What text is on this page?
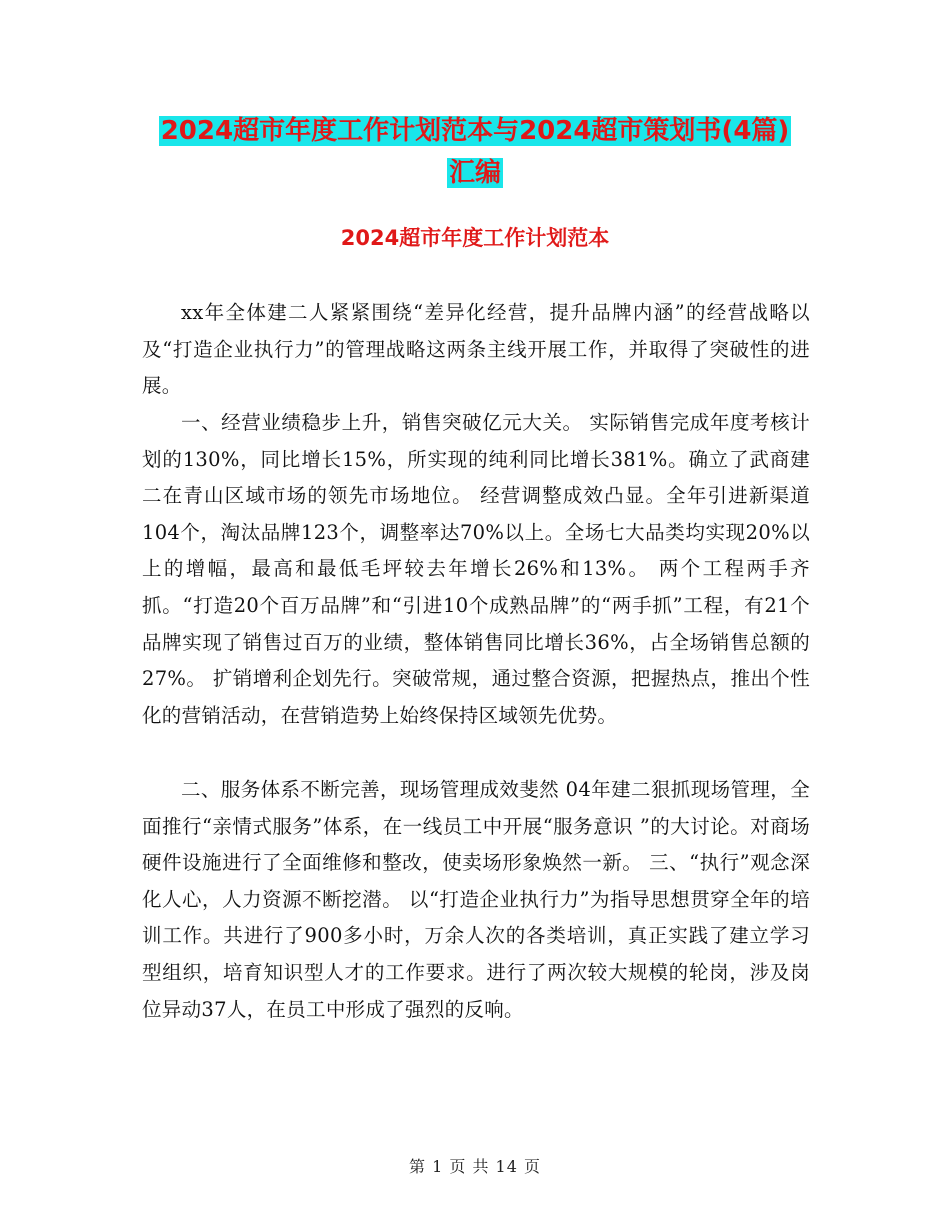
2024超市年度工作计划范本与2024超市策划书(4篇)
汇编
2024超市年度工作计划范本

xx年全体建二人紧紧围绕“差异化经营，提升品牌内涵”的经营战略以及“打造企业执行力”的管理战略这两条主线开展工作，并取得了突破性的进展。

一、经营业绩稳步上升，销售突破亿元大关。 实际销售完成年度考核计划的130%，同比增长15%，所实现的纯利同比增长381%。确立了武商建二在青山区域市场的领先市场地位。 经营调整成效凸显。全年引进新渠道104个，淘汰品牌123个，调整率达70%以上。全场七大品类均实现20%以上的增幅，最高和最低毛坪较去年增长26%和13%。 两个工程两手齐抓。“打造20个百万品牌”和“引进10个成熟品牌”的“两手抓”工程，有21个品牌实现了销售过百万的业绩，整体销售同比增长36%，占全场销售总额的27%。 扩销增利企划先行。突破常规，通过整合资源，把握热点，推出个性化的营销活动，在营销造势上始终保持区域领先优势。

二、服务体系不断完善，现场管理成效斐然 04年建二狠抓现场管理，全面推行“亲情式服务”体系，在一线员工中开展“服务意识 ”的大讨论。对商场硬件设施进行了全面维修和整改，使卖场形象焕然一新。 三、“执行”观念深化人心，人力资源不断挖潜。 以“打造企业执行力”为指导思想贯穿全年的培训工作。共进行了900多小时，万余人次的各类培训，真正实践了建立学习型组织，培育知识型人才的工作要求。进行了两次较大规模的轮岗，涉及岗位异动37人，在员工中形成了强烈的反响。

第 1 页 共 14 页
